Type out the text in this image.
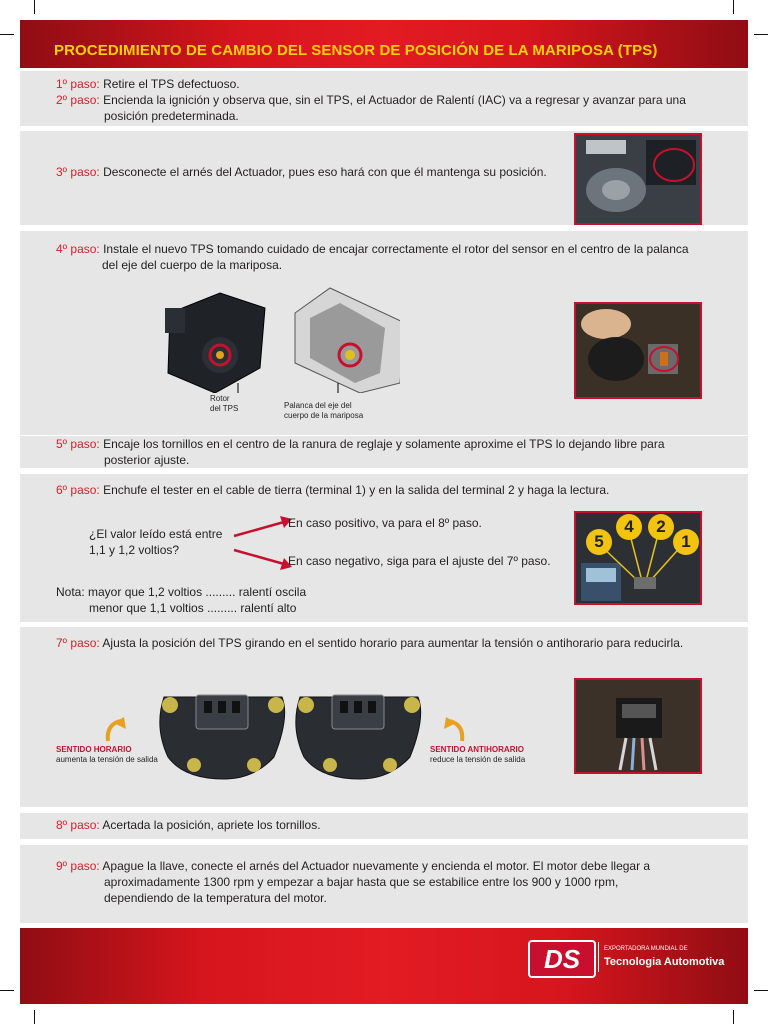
PROCEDIMIENTO DE CAMBIO DEL SENSOR DE POSICIÓN DE LA MARIPOSA (TPS)
1º paso: Retire el TPS defectuoso.
2º paso: Encienda la ignición y observa que, sin el TPS, el Actuador de Ralentí (IAC) va a regresar y avanzar para una
posición predeterminada.
3º paso: Desconecte el arnés del Actuador, pues eso hará con que él mantenga su posición.
4º paso: Instale el nuevo TPS tomando cuidado de encajar correctamente el rotor del sensor en el centro de la palanca
del eje del cuerpo de la mariposa.
Rotor
del TPS	Palanca del eje del
cuerpo de la mariposa
5º paso: Encaje los tornillos en el centro de la ranura de reglaje y solamente aproxime el TPS lo dejando libre para
posterior ajuste.
6º paso: Enchufe el tester en el cable de tierra (terminal 1) y en la salida del terminal 2 y haga la lectura.
¿El valor leído está entre
1,1 y 1,2 voltios?
En caso positivo, va para el 8º paso.
En caso negativo, siga para el ajuste del 7º paso.
Nota: mayor que 1,2 voltios ......... ralentí oscila
menor que 1,1 voltios ......... ralentí alto
5
4	2
1
7º paso: Ajusta la posición del TPS girando en el sentido horario para aumentar la tensión o antihorario para reducirla.
SENTIDO HORARIO
aumenta la tensión de salida
SENTIDO ANTIHORARIO
reduce la tensión de salida
8º paso: Acertada la posición, apriete los tornillos.
9º paso: Apague la llave, conecte el arnés del Actuador nuevamente y encienda el motor. El motor debe llegar a
aproximadamente 1300 rpm y empezar a bajar hasta que se estabilice entre los 900 y 1000 rpm,
dependiendo de la temperatura del motor.
DS	EXPORTADORA MUNDIAL DE
Tecnologia Automotiva
